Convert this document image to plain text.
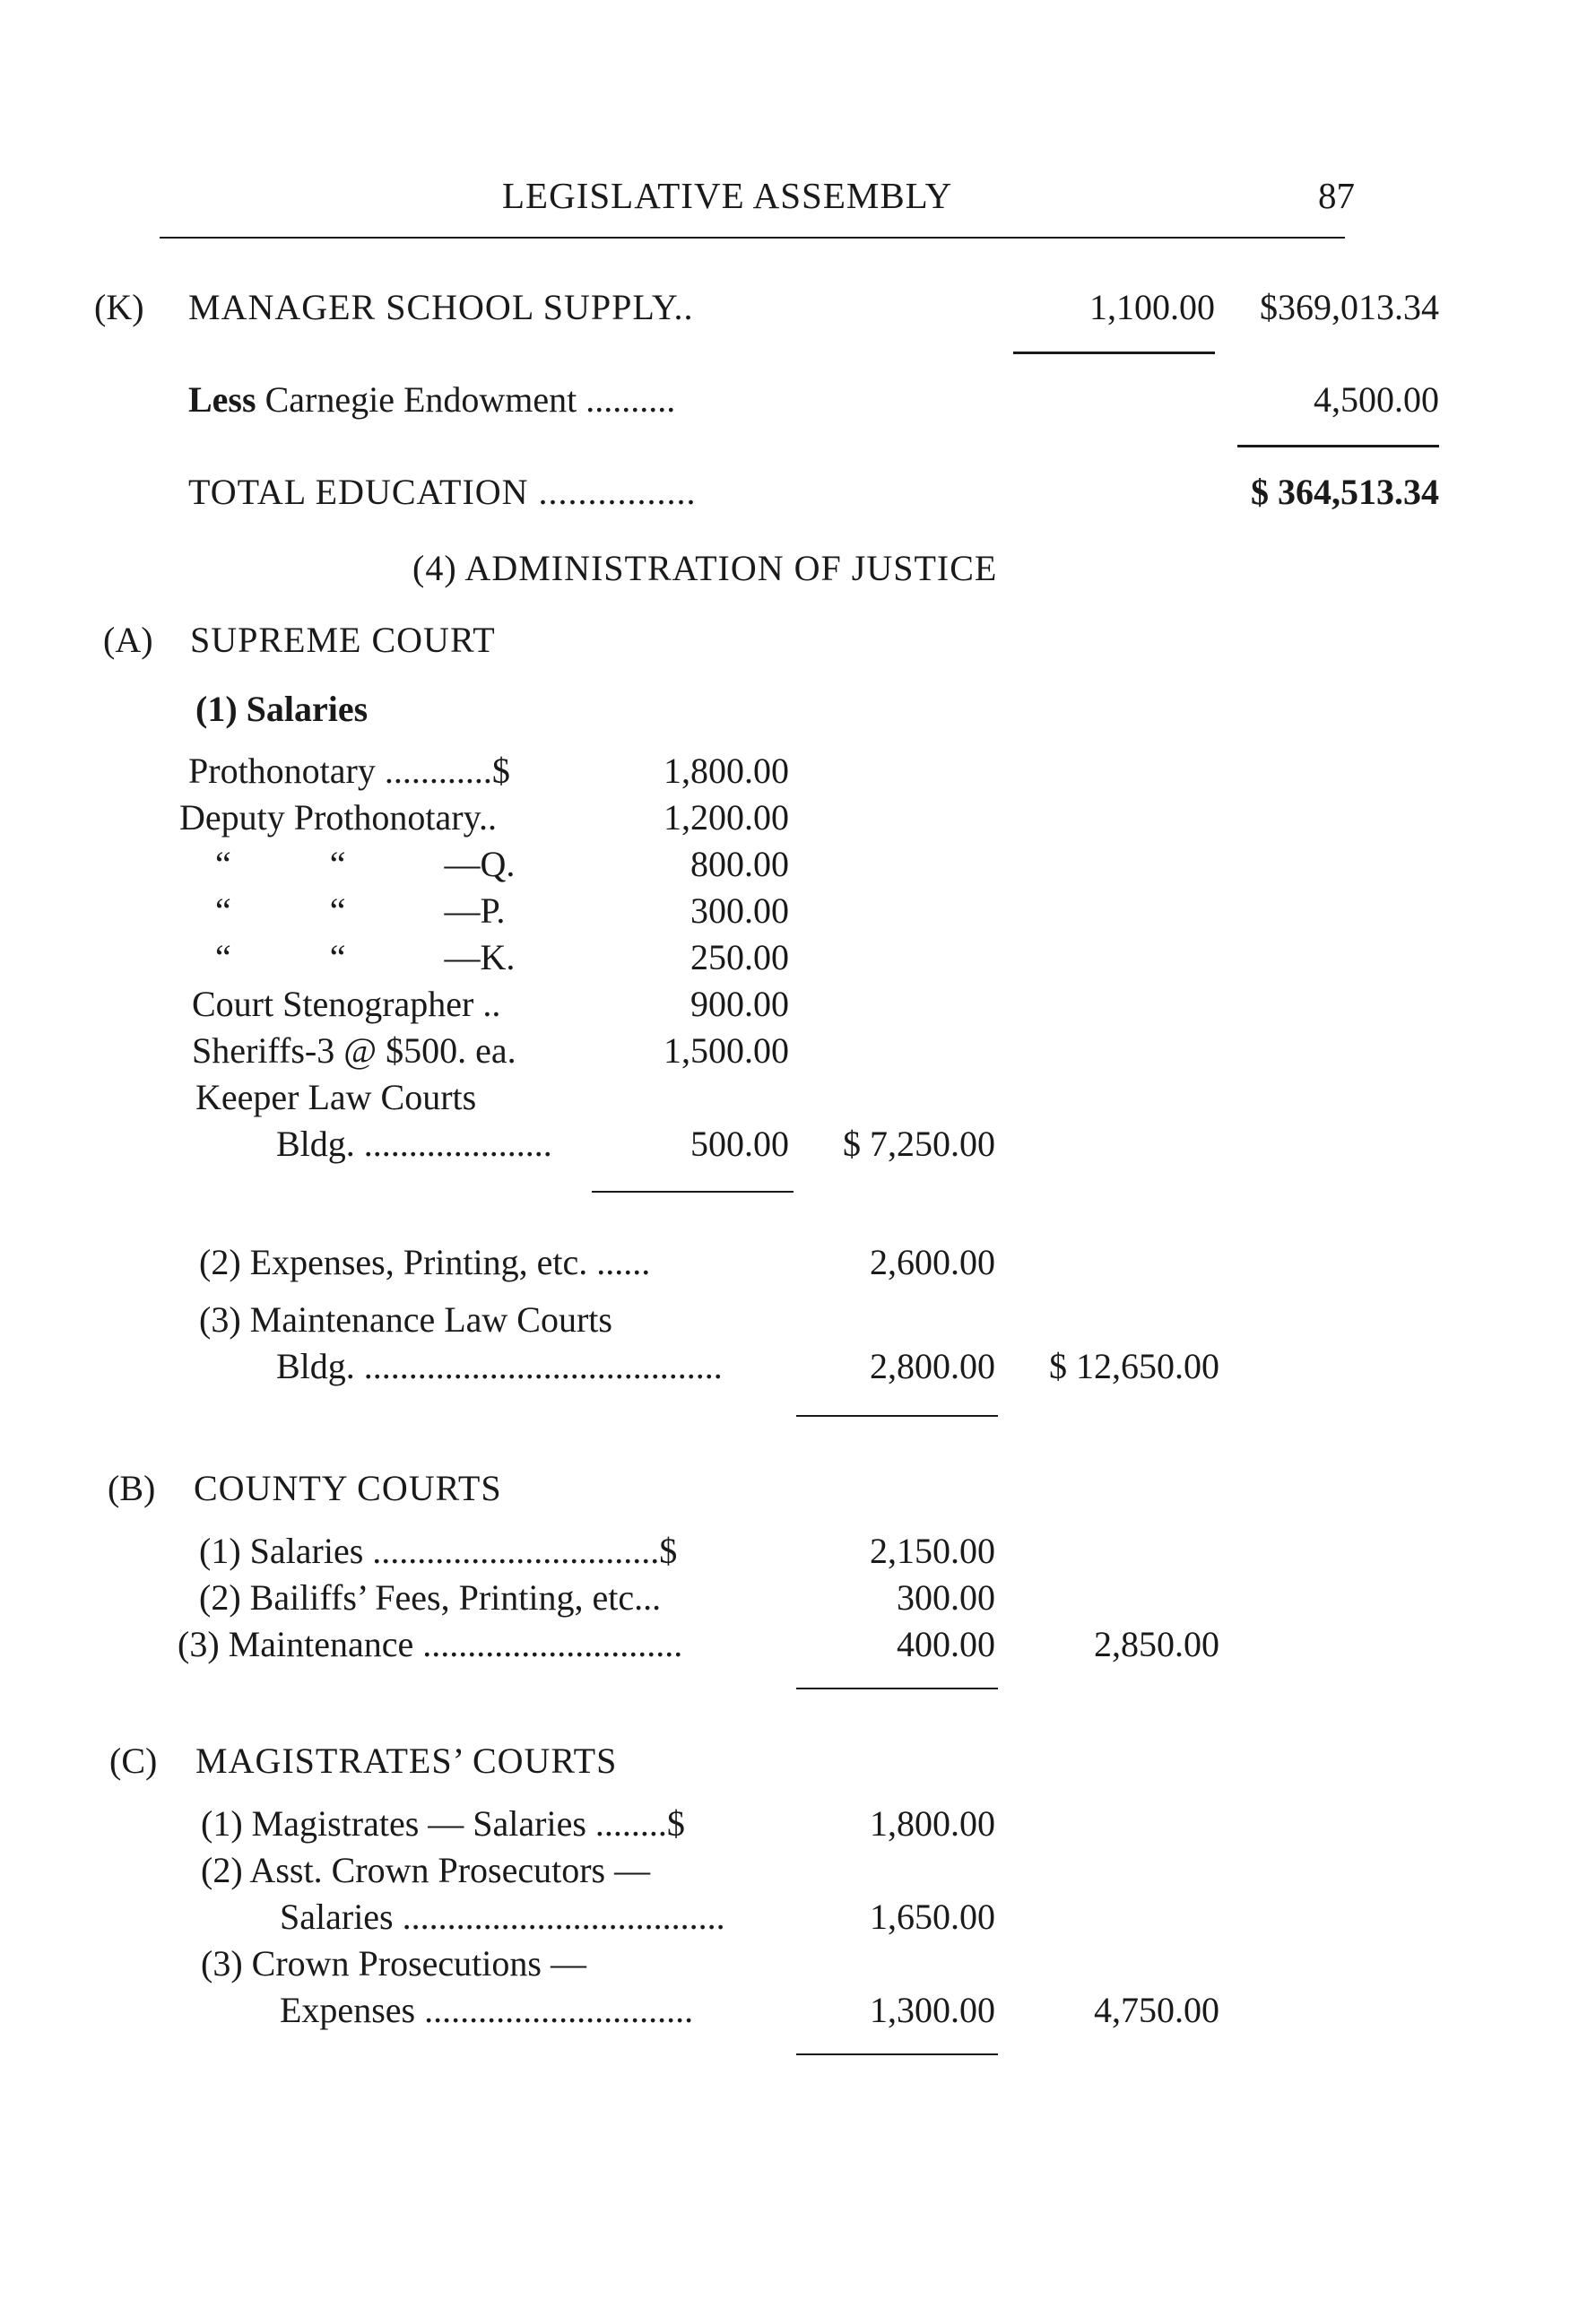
LEGISLATIVE ASSEMBLY	87
(K) MANAGER SCHOOL SUPPLY..	1,100.00	$369,013.34
Less Carnegie Endowment ..........	4,500.00
TOTAL EDUCATION ................	$ 364,513.34
(4) ADMINISTRATION OF JUSTICE
(A) SUPREME COURT
(1) Salaries
Prothonotary ............$	1,800.00
Deputy Prothonotary..	1,200.00
“ “ —Q.	800.00
“ “ —P.	300.00
“ “ —K.	250.00
Court Stenographer ..	900.00
Sheriffs-3 @ $500. ea.	1,500.00
Keeper Law Courts
Bldg. .....................	500.00	$ 7,250.00
(2) Expenses, Printing, etc. ......	2,600.00
(3) Maintenance Law Courts
Bldg. ........................................	2,800.00	$ 12,650.00
(B) COUNTY COURTS
(1) Salaries ................................$	2,150.00
(2) Bailiffs’ Fees, Printing, etc...	300.00
(3) Maintenance .............................	400.00	2,850.00
(C) MAGISTRATES’ COURTS
(1) Magistrates — Salaries ........$	1,800.00
(2) Asst. Crown Prosecutors —
Salaries ....................................	1,650.00
(3) Crown Prosecutions —
Expenses ..............................	1,300.00	4,750.00
